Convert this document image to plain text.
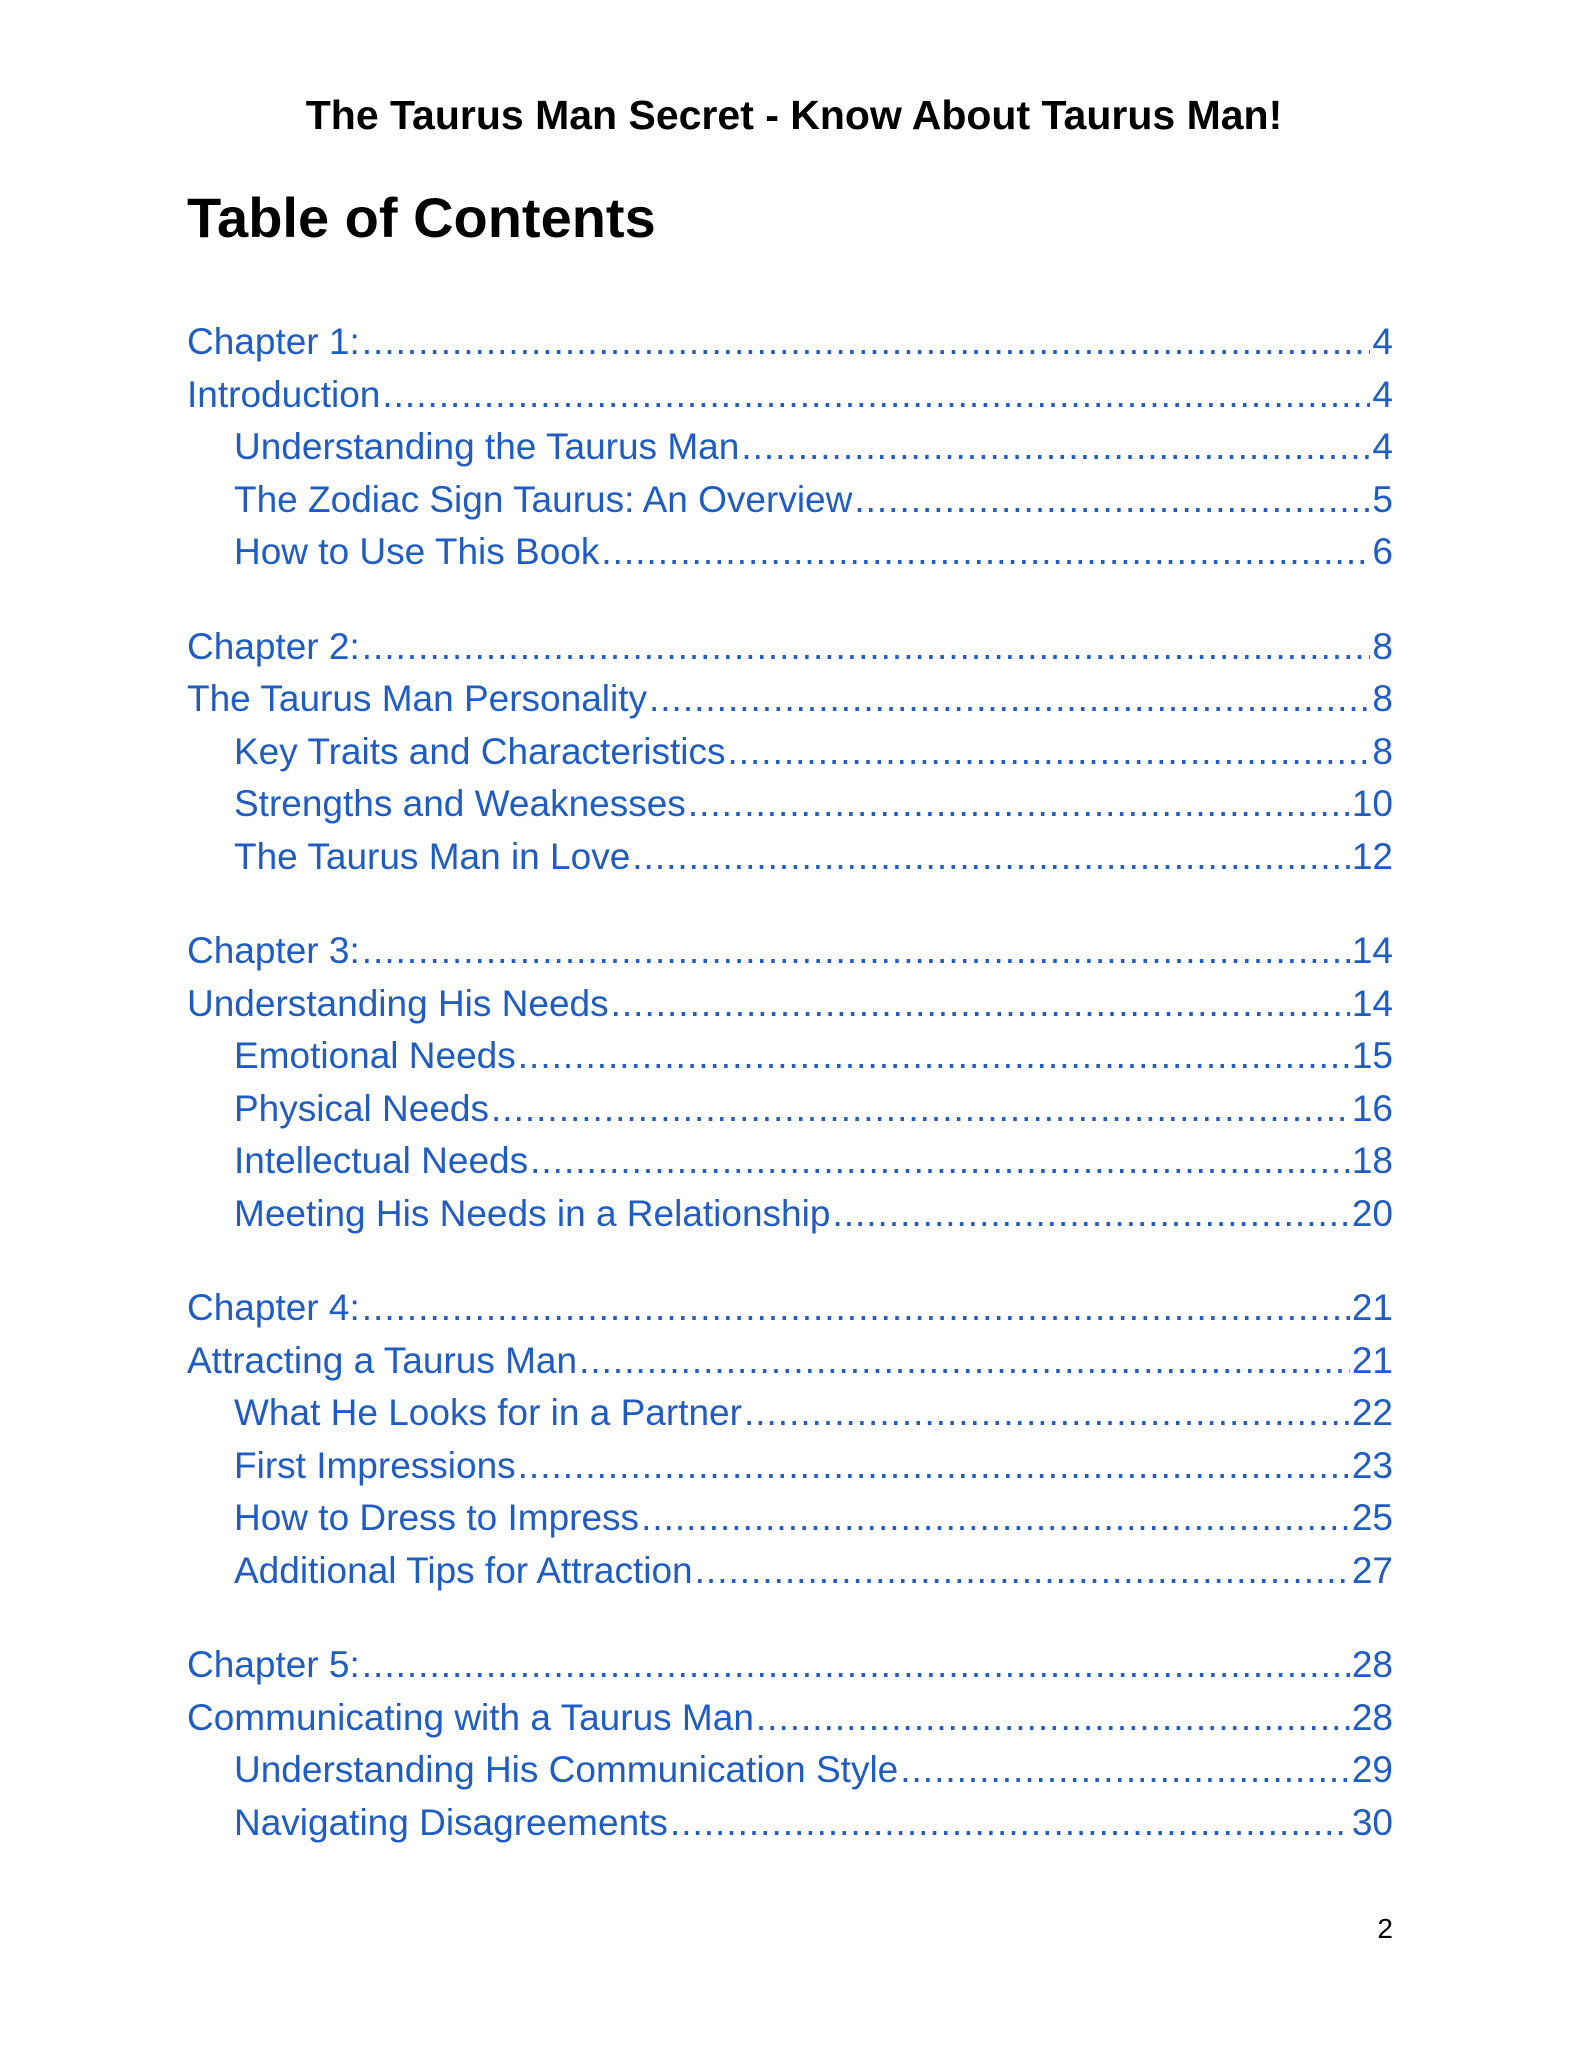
The Taurus Man Secret - Know About Taurus Man!
Table of Contents
Chapter 1: .....	4
Introduction .....	4
Understanding the Taurus Man .....	4
The Zodiac Sign Taurus: An Overview .....	5
How to Use This Book .....	6
Chapter 2: .....	8
The Taurus Man Personality .....	8
Key Traits and Characteristics .....	8
Strengths and Weaknesses .....	10
The Taurus Man in Love .....	12
Chapter 3: .....	14
Understanding His Needs .....	14
Emotional Needs .....	15
Physical Needs .....	16
Intellectual Needs .....	18
Meeting His Needs in a Relationship .....	20
Chapter 4: .....	21
Attracting a Taurus Man .....	21
What He Looks for in a Partner .....	22
First Impressions .....	23
How to Dress to Impress .....	25
Additional Tips for Attraction .....	27
Chapter 5: .....	28
Communicating with a Taurus Man .....	28
Understanding His Communication Style .....	29
Navigating Disagreements .....	30
2
